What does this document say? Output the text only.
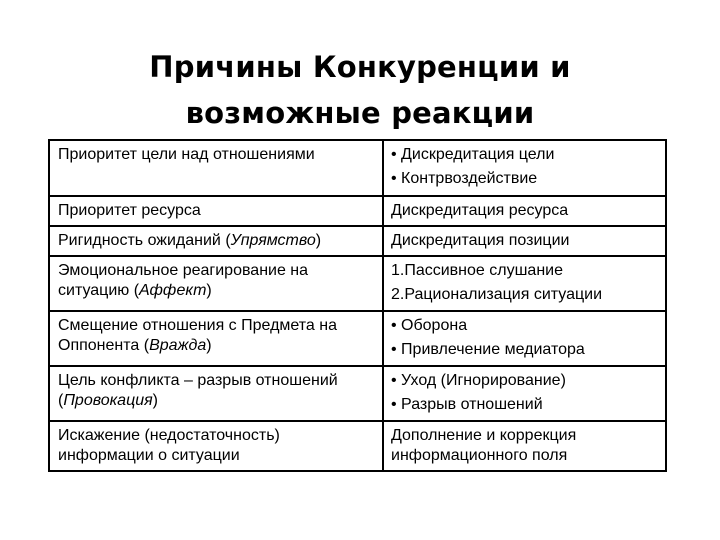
Причины Конкуренции и
возможные реакции
Приоритет цели над отношениями	• Дискредитация цели
• Контрвоздействие

Приоритет ресурса	Дискредитация ресурса

Ригидность ожиданий (Упрямство)	Дискредитация позиции

Эмоциональное реагирование на ситуацию (Аффект)	1.Пассивное слушание
2.Рационализация ситуации

Смещение отношения с Предмета на Оппонента (Вражда)	• Оборона
• Привлечение медиатора

Цель конфликта – разрыв отношений (Провокация)	• Уход (Игнорирование)
• Разрыв отношений

Искажение (недостаточность) информации о ситуации	Дополнение и коррекция информационного поля
